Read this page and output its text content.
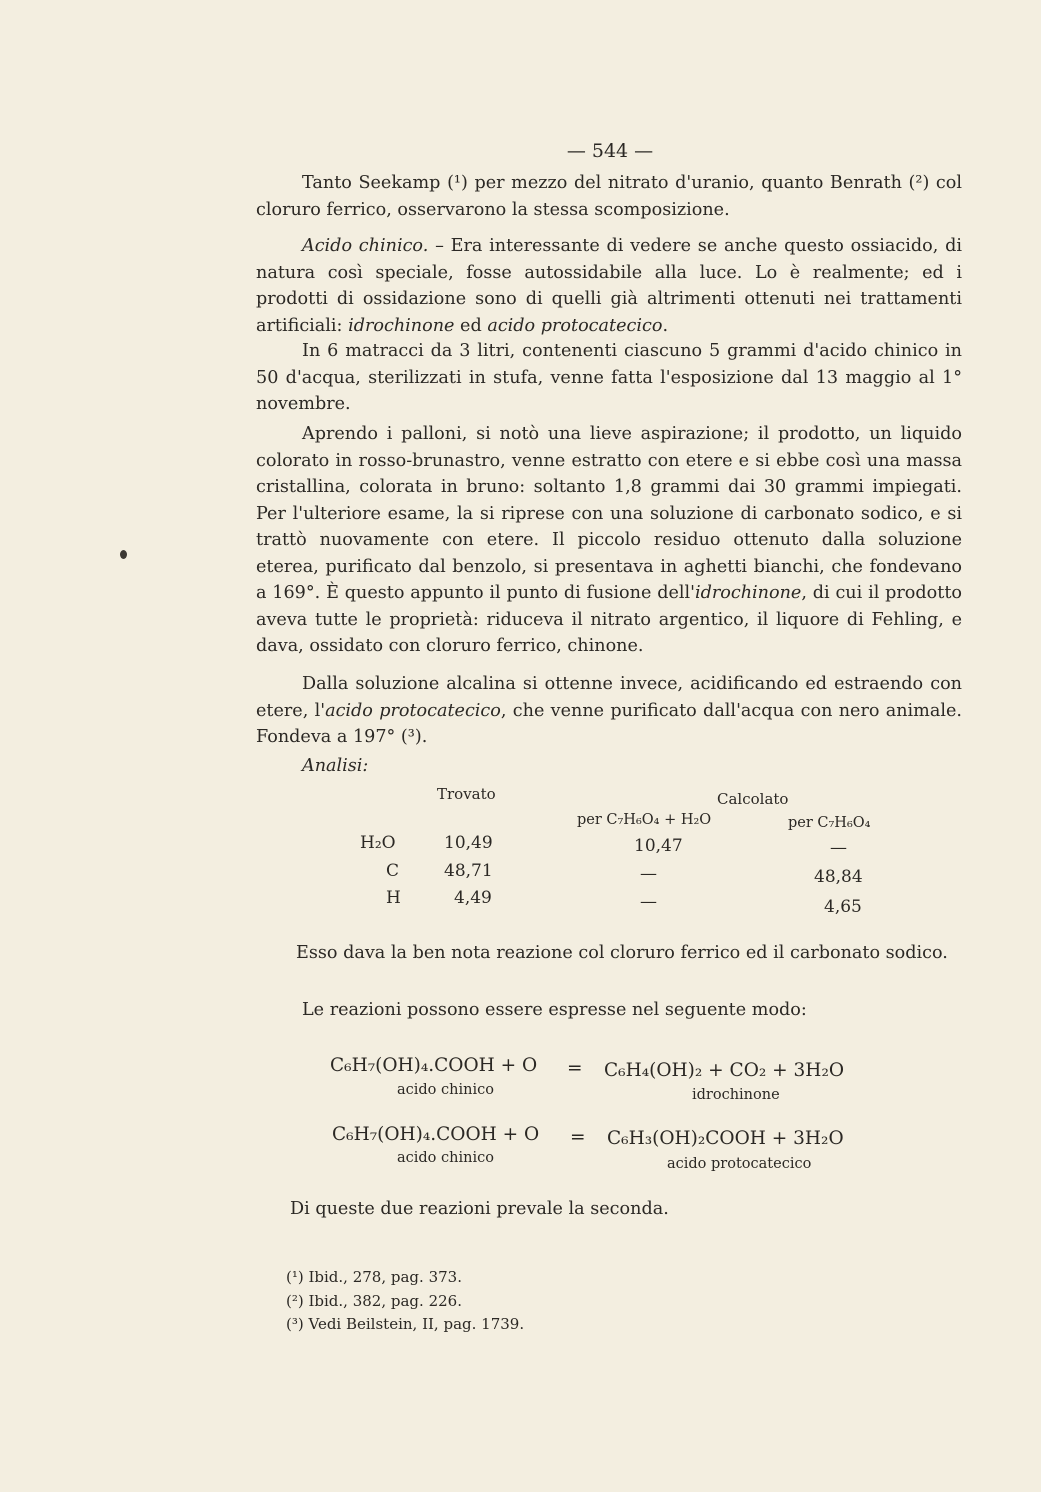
— 544 —

Tanto Seekamp (¹) per mezzo del nitrato d'uranio, quanto Benrath (²) col cloruro ferrico, osservarono la stessa scomposizione.

Acido chinico. – Era interessante di vedere se anche questo ossiacido, di natura così speciale, fosse autossidabile alla luce. Lo è realmente; ed i prodotti di ossidazione sono di quelli già altrimenti ottenuti nei trattamenti artificiali: idrochinone ed acido protocatecico.

In 6 matracci da 3 litri, contenenti ciascuno 5 grammi d'acido chinico in 50 d'acqua, sterilizzati in stufa, venne fatta l'esposizione dal 13 maggio al 1° novembre.

Aprendo i palloni, si notò una lieve aspirazione; il prodotto, un liquido colorato in rosso-brunastro, venne estratto con etere e si ebbe così una massa cristallina, colorata in bruno: soltanto 1,8 grammi dai 30 grammi impiegati. Per l'ulteriore esame, la si riprese con una soluzione di carbonato sodico, e si trattò nuovamente con etere. Il piccolo residuo ottenuto dalla soluzione eterea, purificato dal benzolo, si presentava in aghetti bianchi, che fondevano a 169°. È questo appunto il punto di fusione dell'idrochinone, di cui il prodotto aveva tutte le proprietà: riduceva il nitrato argentico, il liquore di Fehling, e dava, ossidato con cloruro ferrico, chinone.

Dalla soluzione alcalina si ottenne invece, acidificando ed estraendo con etere, l'acido protocatecico, che venne purificato dall'acqua con nero animale. Fondeva a 197° (³).

Analisi:

Trovato	Calcolato
per C₇H₆O₄ + H₂O	per C₇H₆O₄
H₂O	10,49	10,47	—
C	48,71	—	48,84
H	4,49	—	4,65

Esso dava la ben nota reazione col cloruro ferrico ed il carbonato sodico.

Le reazioni possono essere espresse nel seguente modo:

C₆H₇(OH)₄.COOH + O = C₆H₄(OH)₂ + CO₂ + 3H₂O
acido chinico	idrochinone
C₆H₇(OH)₄.COOH + O = C₆H₃(OH)₂COOH + 3H₂O
acido chinico	acido protocatecico

Di queste due reazioni prevale la seconda.

(¹) Ibid., 278, pag. 373.
(²) Ibid., 382, pag. 226.
(³) Vedi Beilstein, II, pag. 1739.
